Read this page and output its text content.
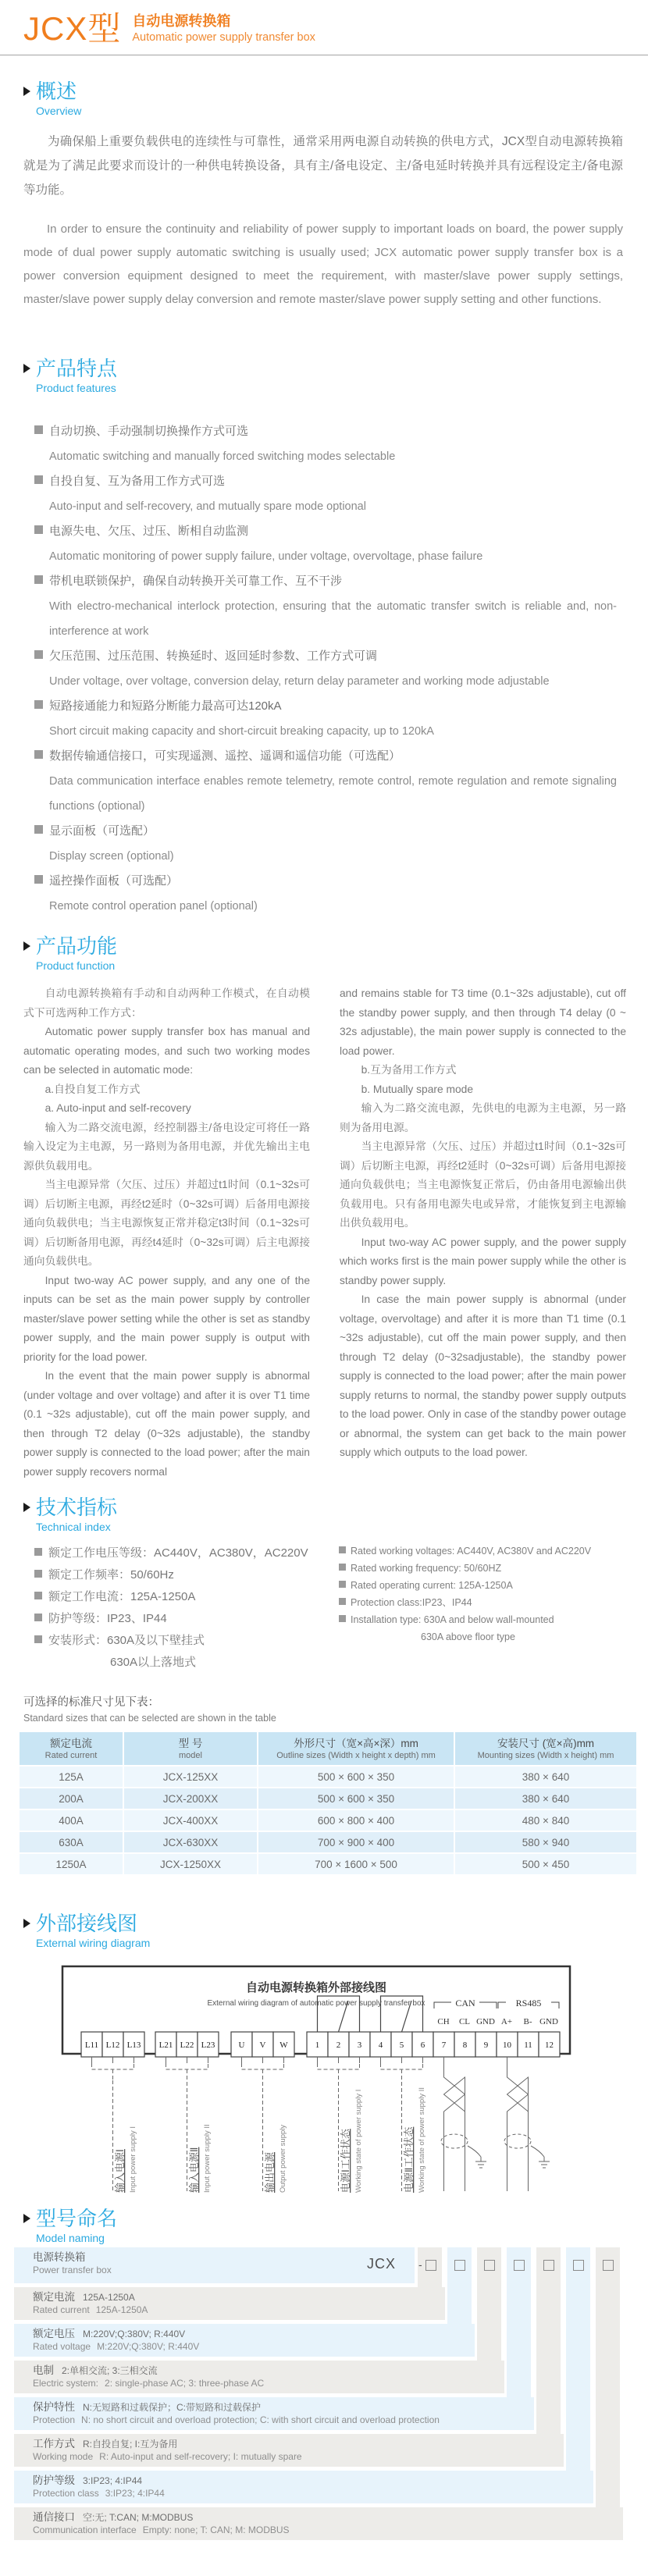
JCX型 自动电源转换箱
Automatic power supply transfer box
概述
Overview
为确保船上重要负载供电的连续性与可靠性，通常采用两电源自动转换的供电方式，JCX型自动电源转换箱就是为了满足此要求而设计的一种供电转换设备，具有主/备电设定、主/备电延时转换并具有远程设定主/备电源等功能。
In order to ensure the continuity and reliability of power supply to important loads on board, the power supply mode of dual power supply automatic switching is usually used; JCX automatic power supply transfer box is a power conversion equipment designed to meet the requirement, with master/slave power supply settings, master/slave power supply delay conversion and remote master/slave power supply setting and other functions.
产品特点
Product features
自动切换、手动强制切换操作方式可选
Automatic switching and manually forced switching modes selectable
自投自复、互为备用工作方式可选
Auto-input and self-recovery, and mutually spare mode optional
电源失电、欠压、过压、断相自动监测
Automatic monitoring of power supply failure, under voltage, overvoltage, phase failure
带机电联锁保护，确保自动转换开关可靠工作、互不干涉
With electro-mechanical interlock protection, ensuring that the automatic transfer switch is reliable and, non-interference at work
欠压范围、过压范围、转换延时、返回延时参数、工作方式可调
Under voltage, over voltage, conversion delay, return delay parameter and working mode adjustable
短路接通能力和短路分断能力最高可达120kA
Short circuit making capacity and short-circuit breaking capacity, up to 120kA
数据传输通信接口，可实现遥测、遥控、遥调和遥信功能（可选配）
Data communication interface enables remote telemetry, remote control, remote regulation and remote signaling functions (optional)
显示面板（可选配）
Display screen (optional)
遥控操作面板（可选配）
Remote control operation panel (optional)
产品功能
Product function

自动电源转换箱有手动和自动两种工作模式，在自动模式下可选两种工作方式：

Automatic power supply transfer box has manual and automatic operating modes, and such two working modes can be selected in automatic mode:

a.自投自复工作方式

a. Auto-input and self-recovery

输入为二路交流电源，经控制器主/备电设定可将任一路输入设定为主电源，另一路则为备用电源，并优先输出主电源供负载用电。

当主电源异常（欠压、过压）并超过t1时间（0.1~32s可调）后切断主电源，再经t2延时（0~32s可调）后备用电源接通向负载供电；当主电源恢复正常并稳定t3时间（0.1~32s可调）后切断备用电源，再经t4延时（0~32s可调）后主电源接通向负载供电。

Input two-way AC power supply, and any one of the inputs can be set as the main power supply by controller master/slave power setting while the other is set as standby power supply, and the main power supply is output with priority for the load power.

In the event that the main power supply is abnormal (under voltage and over voltage) and after it is over T1 time (0.1 ~32s adjustable), cut off the main power supply, and then through T2 delay (0~32s adjustable), the standby power supply is connected to the load power; after the main power supply recovers normal

and remains stable for T3 time (0.1~32s adjustable), cut off the standby power supply, and then through T4 delay (0 ~ 32s adjustable), the main power supply is connected to the load power.

b.互为备用工作方式

b. Mutually spare mode

输入为二路交流电源，先供电的电源为主电源，另一路则为备用电源。

当主电源异常（欠压、过压）并超过t1时间（0.1~32s可调）后切断主电源，再经t2延时（0~32s可调）后备用电源接通向负载供电；当主电源恢复正常后，仍由备用电源输出供负载用电。只有备用电源失电或异常，才能恢复到主电源输出供负载用电。

Input two-way AC power supply, and the power supply which works first is the main power supply while the other is standby power supply.

In case the main power supply is abnormal (under voltage, overvoltage) and after it is more than T1 time (0.1 ~32s adjustable), cut off the main power supply, and then through T2 delay (0~32sadjustable), the standby power supply is connected to the load power; after the main power supply returns to normal, the standby power supply outputs to the load power. Only in case of the standby power outage or abnormal, the system can get back to the main power supply which outputs to the load power.

技术指标
Technical index
额定工作电压等级：AC440V，AC380V，AC220V
额定工作频率：50/60Hz
额定工作电流：125A-1250A
防护等级：IP23、IP44
安装形式：630A及以下壁挂式
630A以上落地式
Rated working voltages: AC440V, AC380V and AC220V
Rated working frequency: 50/60HZ
Rated operating current: 125A-1250A
Protection class:IP23、IP44
Installation type: 630A and below wall-mounted
630A above floor type
可选择的标准尺寸见下表：
Standard sizes that can be selected are shown in the table
额定电流
Rated current

型 号
model

外形尺寸（宽×高×深）mm
Outline sizes (Width x height x depth) mm

安装尺寸 (宽×高)mm
Mounting sizes (Width x height) mm

125A	JCX-125XX	500 × 600 × 350	380 × 640
200A	JCX-200XX	500 × 600 × 350	380 × 640
400A	JCX-400XX	600 × 800 × 400	480 × 840
630A	JCX-630XX	700 × 900 × 400	580 × 940
1250A	JCX-1250XX	700 × 1600 × 500	500 × 450
外部接线图
External wiring diagram
自动电源转换箱外部接线图
External wiring diagram of automatic power supply transfer box	CAN	RS485
CH CL GND A+ B- GND
L11 L12 L13 L21 L22 L23	U V W	1 2 3 4 5 6 7 8 9 10 11 12
输入电源Ⅰ Input power supply I	输入电源Ⅱ Input power supply II	输出电源 Output power supply	电源Ⅰ工作状态 Working state of power supply I	电源Ⅱ工作状态 Working state of power supply II
型号命名
Model naming
电源转换箱
Power transfer box	JCX
额定电流 125A-1250A
Rated current 125A-1250A
额定电压 M:220V;Q:380V; R:440V
Rated voltage M:220V;Q:380V; R:440V
电制 2:单相交流; 3:三相交流
Electric system: 2: single-phase AC; 3: three-phase AC
保护特性 N:无短路和过载保护；C:带短路和过载保护
Protection N: no short circuit and overload protection; C: with short circuit and overload protection
工作方式 R:自投自复; I:互为备用
Working mode R: Auto-input and self-recovery; I: mutually spare
防护等级 3:IP23; 4:IP44
Protection class 3:IP23; 4:IP44
通信接口 空:无; T:CAN; M:MODBUS
Communication interface Empty: none; T: CAN; M: MODBUS
-
